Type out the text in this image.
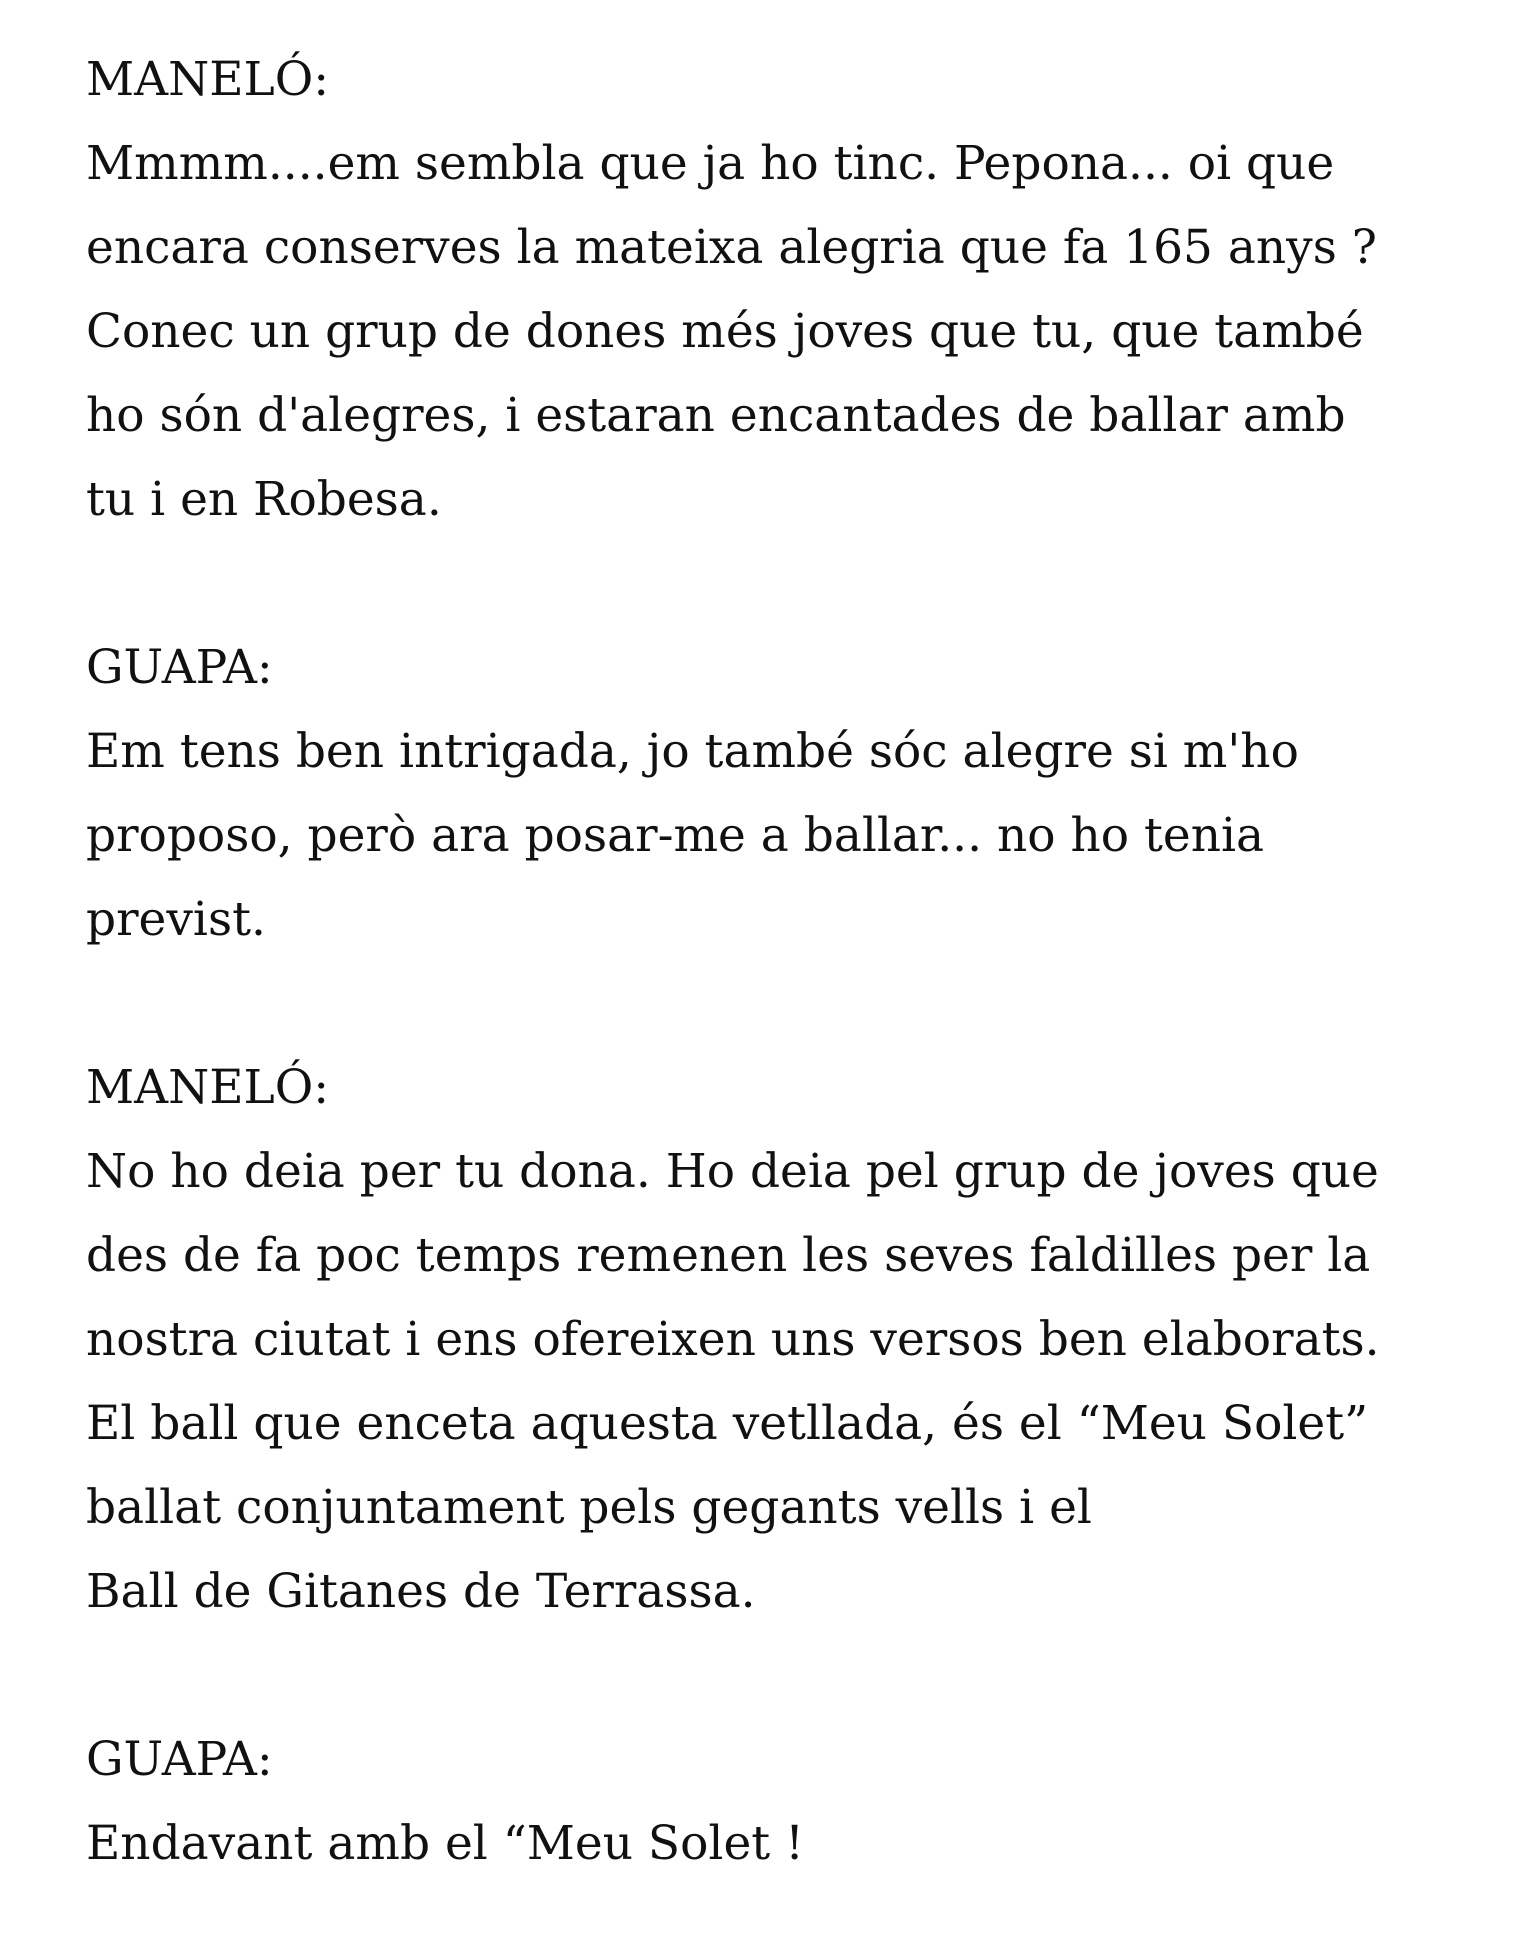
MANELÓ:
Mmmm....em sembla que ja ho tinc. Pepona... oi que
encara conserves la mateixa alegria que fa 165 anys ?
Conec un grup de dones més joves que tu, que també
ho són d'alegres, i estaran encantades de ballar amb
tu i en Robesa.
GUAPA:
Em tens ben intrigada, jo també sóc alegre si m'ho
proposo, però ara posar-me a ballar... no ho tenia
previst.
MANELÓ:
No ho deia per tu dona. Ho deia pel grup de joves que
des de fa poc temps remenen les seves faldilles per la
nostra ciutat i ens ofereixen uns versos ben elaborats.
El ball que enceta aquesta vetllada, és el “Meu Solet”
ballat conjuntament pels gegants vells i el
Ball de Gitanes de Terrassa.
GUAPA:
Endavant amb el “Meu Solet !
